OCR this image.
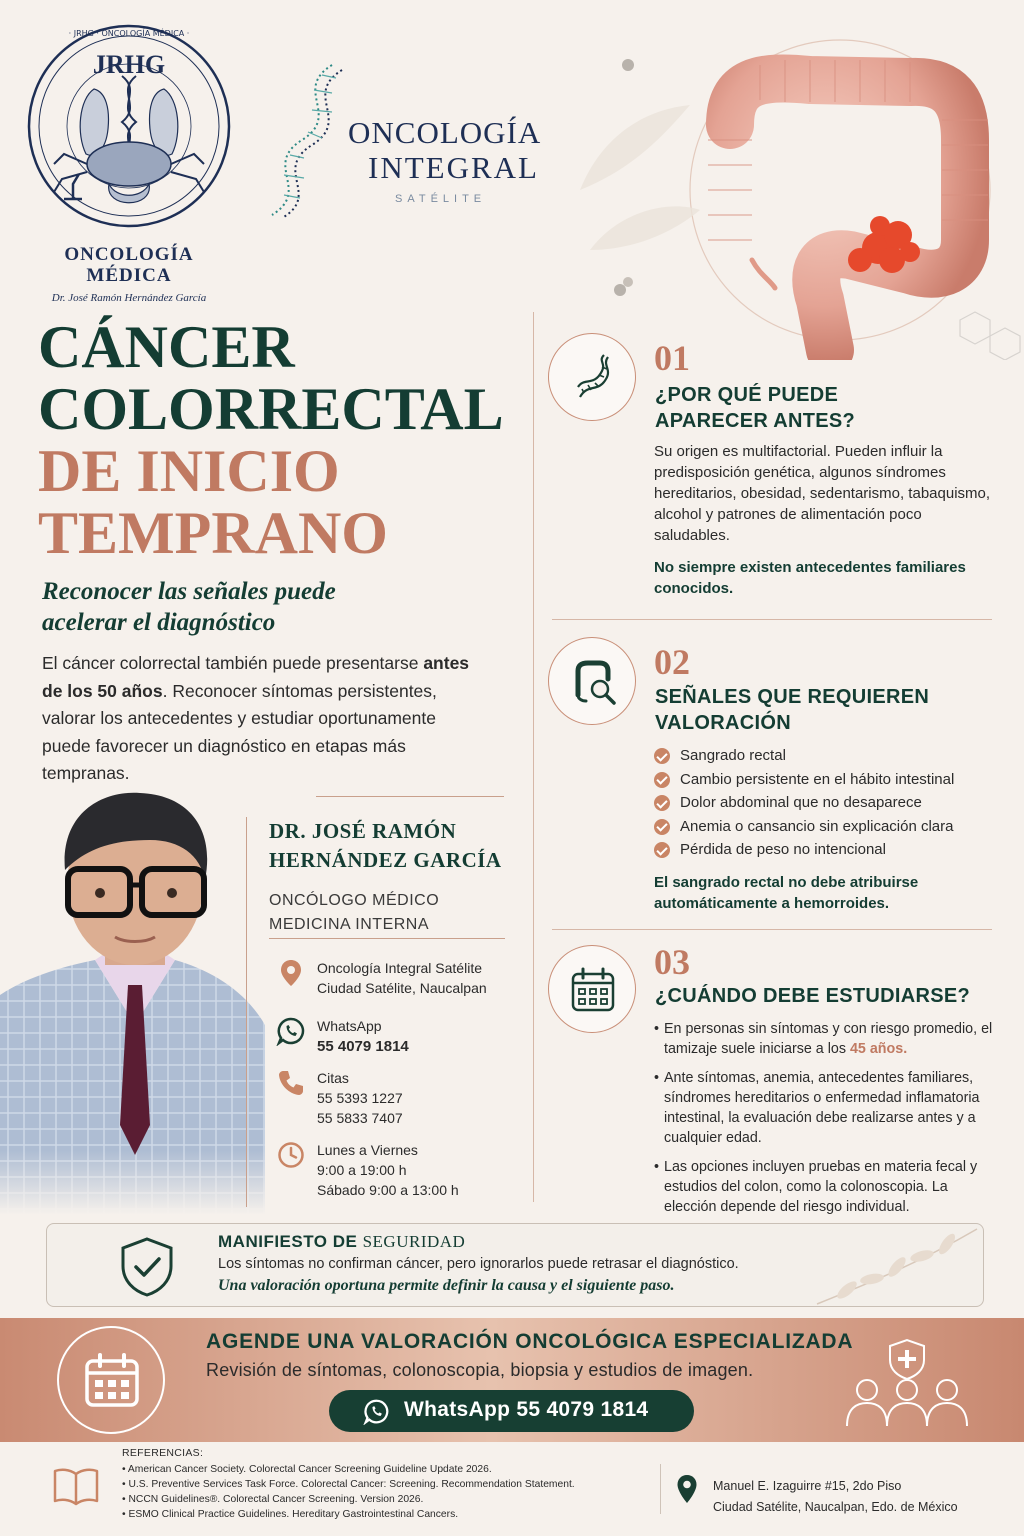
· JRHG · ONCOLOGÍA MÉDICA ·
JRHG
ONCOLOGÍA
MÉDICA
Dr. José Ramón Hernández García
ONCOLOGÍA
INTEGRAL
SATÉLITE
CÁNCER
COLORRECTAL
DE INICIO
TEMPRANO
Reconocer las señales puede
acelerar el diagnóstico
El cáncer colorrectal también puede presentarse antes de los 50 años. Reconocer síntomas persistentes, valorar los antecedentes y estudiar oportunamente puede favorecer un diagnóstico en etapas más tempranas.
DR. JOSÉ RAMÓN
HERNÁNDEZ GARCÍA
ONCÓLOGO MÉDICO
MEDICINA INTERNA
Oncología Integral Satélite
Ciudad Satélite, Naucalpan
WhatsApp
55 4079 1814
Citas
55 5393 1227
55 5833 7407
Lunes a Viernes
9:00 a 19:00 h
Sábado 9:00 a 13:00 h
01
¿POR QUÉ PUEDE
APARECER ANTES?
Su origen es multifactorial. Pueden influir la predisposición genética, algunos síndromes hereditarios, obesidad, sedentarismo, tabaquismo, alcohol y patrones de alimentación poco saludables.
No siempre existen antecedentes familiares conocidos.
02
SEÑALES QUE REQUIEREN
VALORACIÓN
Sangrado rectal
Cambio persistente en el hábito intestinal
Dolor abdominal que no desaparece
Anemia o cansancio sin explicación clara
Pérdida de peso no intencional
El sangrado rectal no debe atribuirse automáticamente a hemorroides.
03
¿CUÁNDO DEBE ESTUDIARSE?
• En personas sin síntomas y con riesgo promedio, el tamizaje suele iniciarse a los 45 años.
• Ante síntomas, anemia, antecedentes familiares, síndromes hereditarios o enfermedad inflamatoria intestinal, la evaluación debe realizarse antes y a cualquier edad.
• Las opciones incluyen pruebas en materia fecal y estudios del colon, como la colonoscopia. La elección depende del riesgo individual.
MANIFIESTO DE SEGURIDAD
Los síntomas no confirman cáncer, pero ignorarlos puede retrasar el diagnóstico.
Una valoración oportuna permite definir la causa y el siguiente paso.
AGENDE UNA VALORACIÓN ONCOLÓGICA ESPECIALIZADA
Revisión de síntomas, colonoscopia, biopsia y estudios de imagen.
WhatsApp 55 4079 1814
REFERENCIAS:
• American Cancer Society. Colorectal Cancer Screening Guideline Update 2026.
• U.S. Preventive Services Task Force. Colorectal Cancer: Screening. Recommendation Statement.
• NCCN Guidelines®. Colorectal Cancer Screening. Version 2026.
• ESMO Clinical Practice Guidelines. Hereditary Gastrointestinal Cancers.
Manuel E. Izaguirre #15, 2do Piso
Ciudad Satélite, Naucalpan, Edo. de México
